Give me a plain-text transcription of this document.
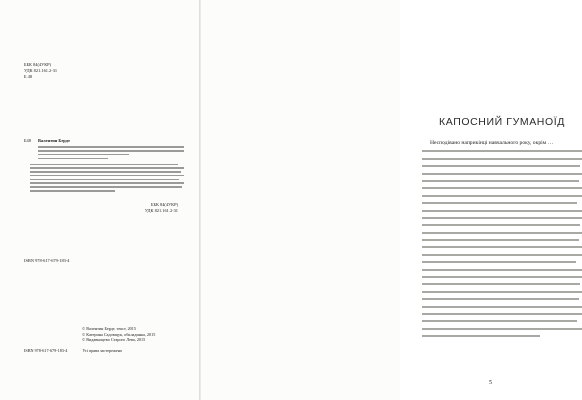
ББК 84(4УКР)
УДК 821.161.2-31
Б 48
Б48	Валентин Бердт
ББК 84(4УКР)
УДК 821.161.2-31
ISBN 978-617-679-183-4
© Валентин Бердт, текст, 2015
© Катерина Садовщук, обкладинка, 2015
© Видавництво Старого Лева, 2015
ISBN 978-617-679-183-4	Усі права застережено
КАПОСНИЙ ГУМАНОЇД
Несподівано наприкінці навчального року, окрім …
5
